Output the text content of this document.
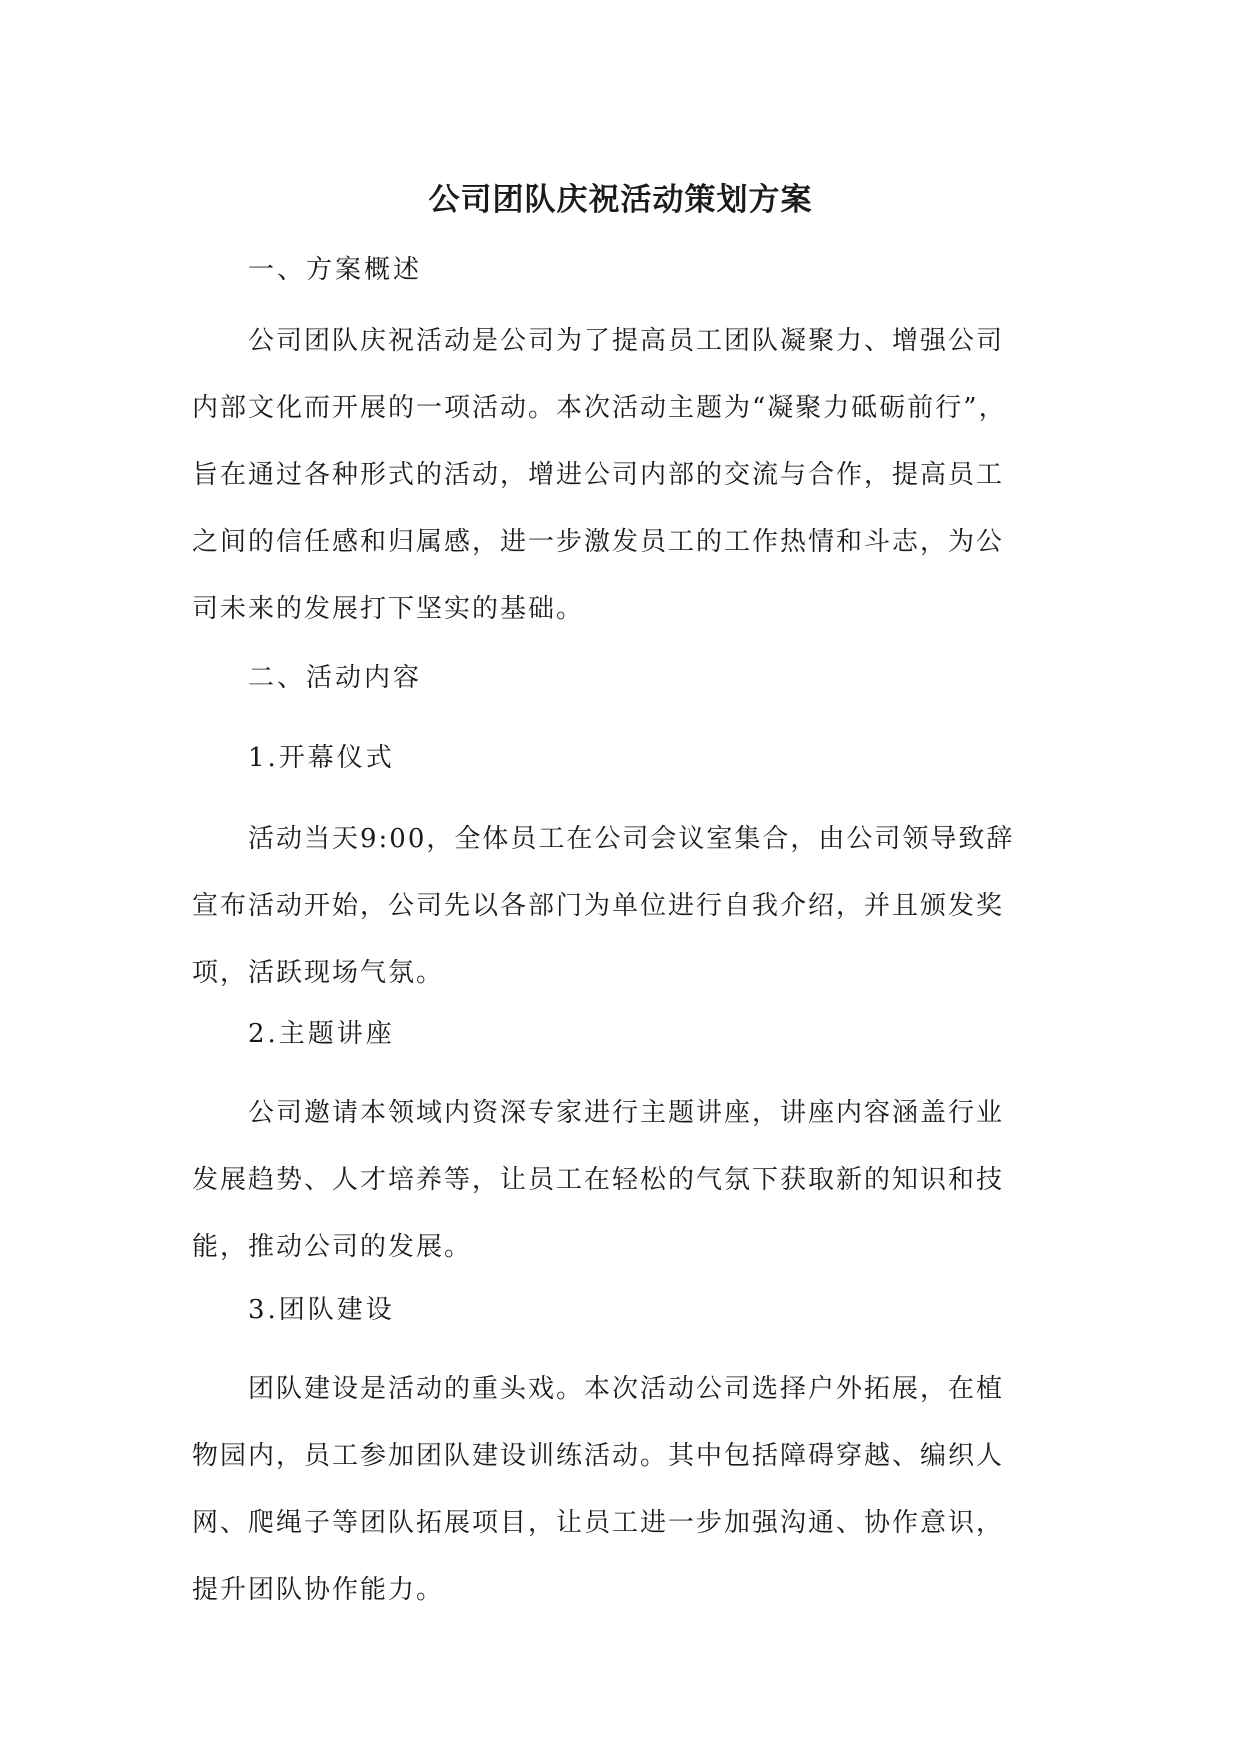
公司团队庆祝活动策划方案

一、方案概述

公司团队庆祝活动是公司为了提高员工团队凝聚力、增强公司
内部文化而开展的一项活动。本次活动主题为“凝聚力砥砺前行”，
旨在通过各种形式的活动，增进公司内部的交流与合作，提高员工
之间的信任感和归属感，进一步激发员工的工作热情和斗志，为公
司未来的发展打下坚实的基础。

二、活动内容

1.开幕仪式

活动当天9:00，全体员工在公司会议室集合，由公司领导致辞
宣布活动开始，公司先以各部门为单位进行自我介绍，并且颁发奖
项，活跃现场气氛。

2.主题讲座

公司邀请本领域内资深专家进行主题讲座，讲座内容涵盖行业
发展趋势、人才培养等，让员工在轻松的气氛下获取新的知识和技
能，推动公司的发展。

3.团队建设

团队建设是活动的重头戏。本次活动公司选择户外拓展，在植
物园内，员工参加团队建设训练活动。其中包括障碍穿越、编织人
网、爬绳子等团队拓展项目，让员工进一步加强沟通、协作意识，
提升团队协作能力。
